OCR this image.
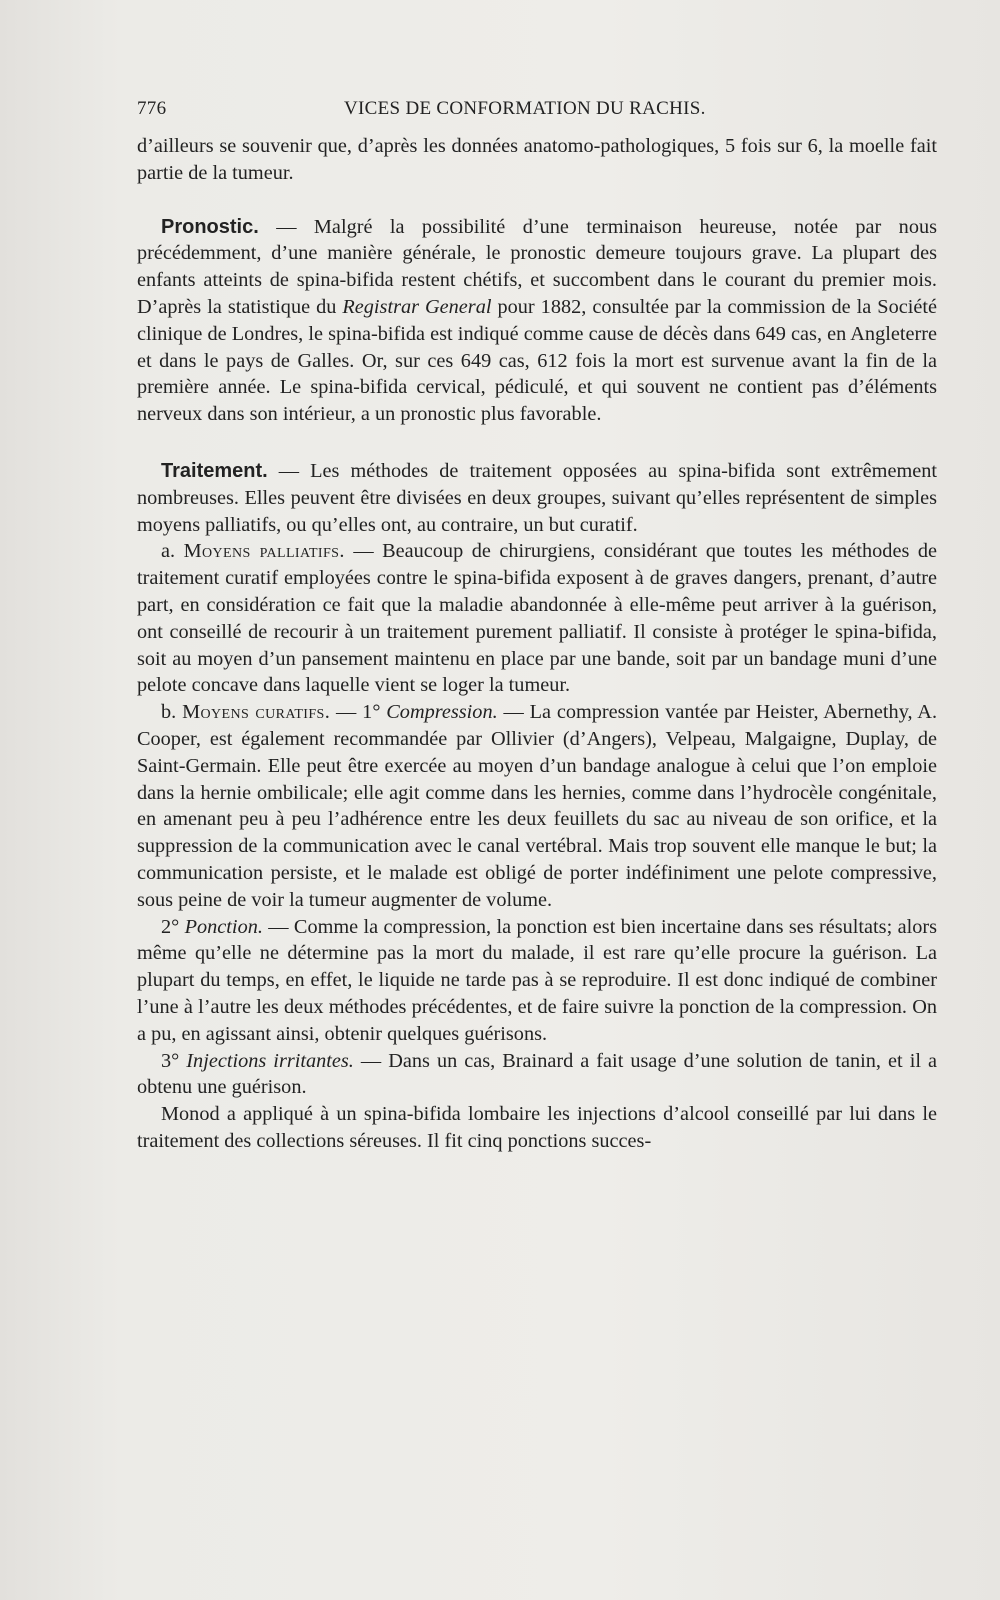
776	VICES DE CONFORMATION DU RACHIS.

d’ailleurs se souvenir que, d’après les données anatomo-pathologiques, 5 fois sur 6, la moelle fait partie de la tumeur.

Pronostic. — Malgré la possibilité d’une terminaison heureuse, notée par nous précédemment, d’une manière générale, le pronostic demeure toujours grave. La plupart des enfants atteints de spina-bifida restent chétifs, et succombent dans le courant du premier mois. D’après la statistique du Registrar General pour 1882, consultée par la commission de la Société clinique de Londres, le spina-bifida est indiqué comme cause de décès dans 649 cas, en Angleterre et dans le pays de Galles. Or, sur ces 649 cas, 612 fois la mort est survenue avant la fin de la première année. Le spina-bifida cervical, pédiculé, et qui souvent ne contient pas d’éléments nerveux dans son intérieur, a un pronostic plus favorable.

Traitement. — Les méthodes de traitement opposées au spina-bifida sont extrêmement nombreuses. Elles peuvent être divisées en deux groupes, suivant qu’elles représentent de simples moyens palliatifs, ou qu’elles ont, au contraire, un but curatif.

a. Moyens palliatifs. — Beaucoup de chirurgiens, considérant que toutes les méthodes de traitement curatif employées contre le spina-bifida exposent à de graves dangers, prenant, d’autre part, en considération ce fait que la maladie abandonnée à elle-même peut arriver à la guérison, ont conseillé de recourir à un traitement purement palliatif. Il consiste à protéger le spina-bifida, soit au moyen d’un pansement maintenu en place par une bande, soit par un bandage muni d’une pelote concave dans laquelle vient se loger la tumeur.

b. Moyens curatifs. — 1° Compression. — La compression vantée par Heister, Abernethy, A. Cooper, est également recommandée par Ollivier (d’Angers), Velpeau, Malgaigne, Duplay, de Saint-Germain. Elle peut être exercée au moyen d’un bandage analogue à celui que l’on emploie dans la hernie ombilicale; elle agit comme dans les hernies, comme dans l’hydrocèle congénitale, en amenant peu à peu l’adhérence entre les deux feuillets du sac au niveau de son orifice, et la suppression de la communication avec le canal vertébral. Mais trop souvent elle manque le but; la communication persiste, et le malade est obligé de porter indéfiniment une pelote compressive, sous peine de voir la tumeur augmenter de volume.

2° Ponction. — Comme la compression, la ponction est bien incertaine dans ses résultats; alors même qu’elle ne détermine pas la mort du malade, il est rare qu’elle procure la guérison. La plupart du temps, en effet, le liquide ne tarde pas à se reproduire. Il est donc indiqué de combiner l’une à l’autre les deux méthodes précédentes, et de faire suivre la ponction de la compression. On a pu, en agissant ainsi, obtenir quelques guérisons.

3° Injections irritantes. — Dans un cas, Brainard a fait usage d’une solution de tanin, et il a obtenu une guérison.

Monod a appliqué à un spina-bifida lombaire les injections d’alcool conseillé par lui dans le traitement des collections séreuses. Il fit cinq ponctions succes-
